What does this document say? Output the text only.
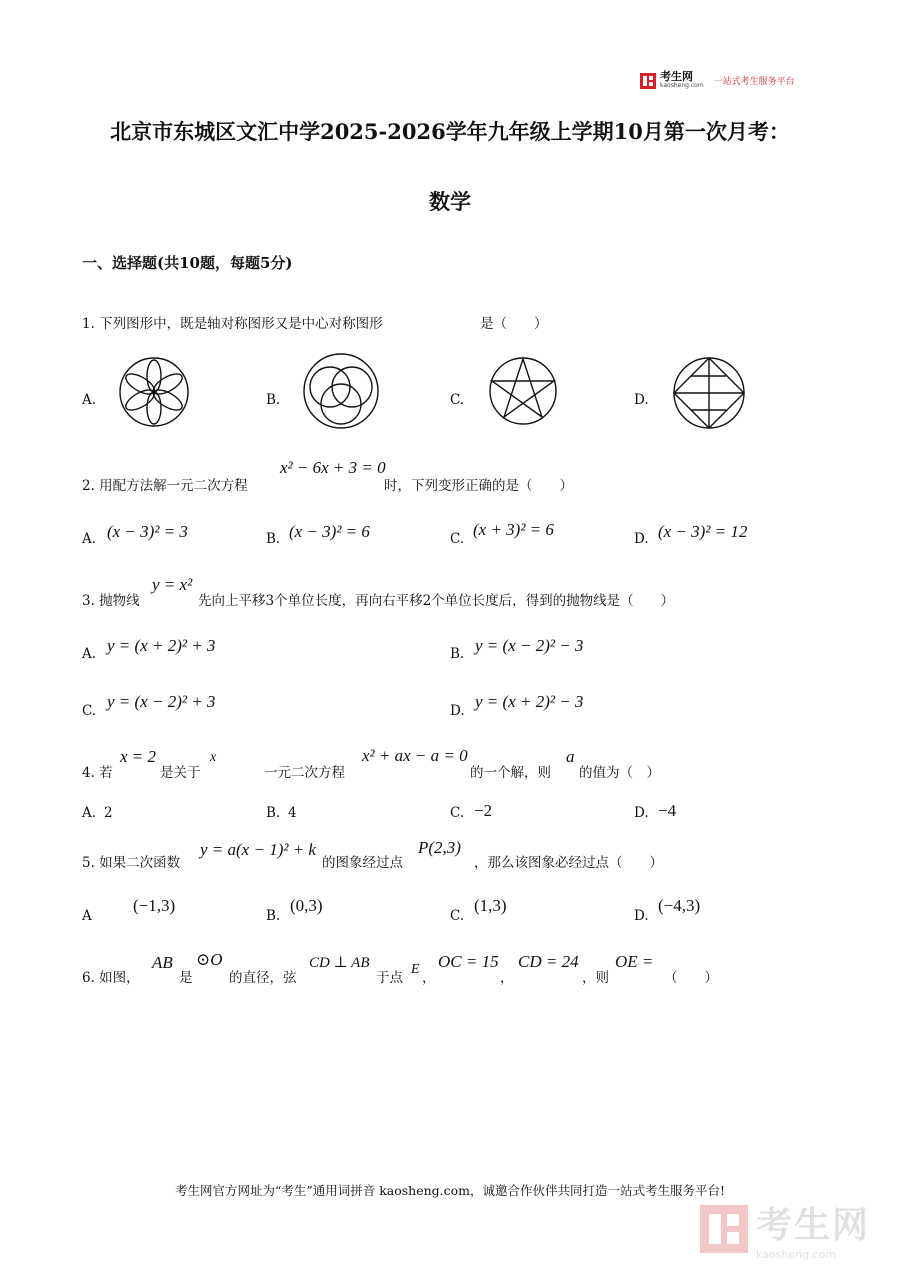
考生网
kaosheng.com 一站式考生服务平台
北京市东城区文汇中学2025-2026学年九年级上学期10月第一次月考：
数学
一、选择题(共10题，每题5分)
1. 下列图形中，既是轴对称图形又是中心对称图形	是（　　）
A.	B.	C.	D.
2. 用配方法解一元二次方程
x² − 6x + 3 = 0
时，下列变形正确的是（　　）
A. (x − 3)² = 3	B. (x − 3)² = 6	C. (x + 3)² = 6	D. (x − 3)² = 12
3. 抛物线
y = x²
先向上平移3个单位长度，再向右平移2个单位长度后，得到的抛物线是（　　）
A. y = (x + 2)² + 3	B. y = (x − 2)² − 3
C. y = (x − 2)² + 3	D. y = (x + 2)² − 3
4. 若
x = 2
是关于
x
一元二次方程
x² + ax − a = 0
的一个解，则
a
的值为（　）
A. 2	B. 4	C. −2	D. −4
5. 如果二次函数
y = a(x − 1)² + k
的图象经过点
P(2,3)
，那么该图象必经过点（　　）
A
(−1,3)
B.
(0,3)
C.
(1,3)
D.
(−4,3)
6. 如图，
AB
是
⊙O
的直径，弦
CD ⊥ AB
于点
E
，
OC = 15
，
CD = 24
，则
OE =
（　　）
考生网官方网址为“考生”通用词拼音 kaosheng.com，诚邀合作伙伴共同打造一站式考生服务平台!
考生网
kaosheng.com
